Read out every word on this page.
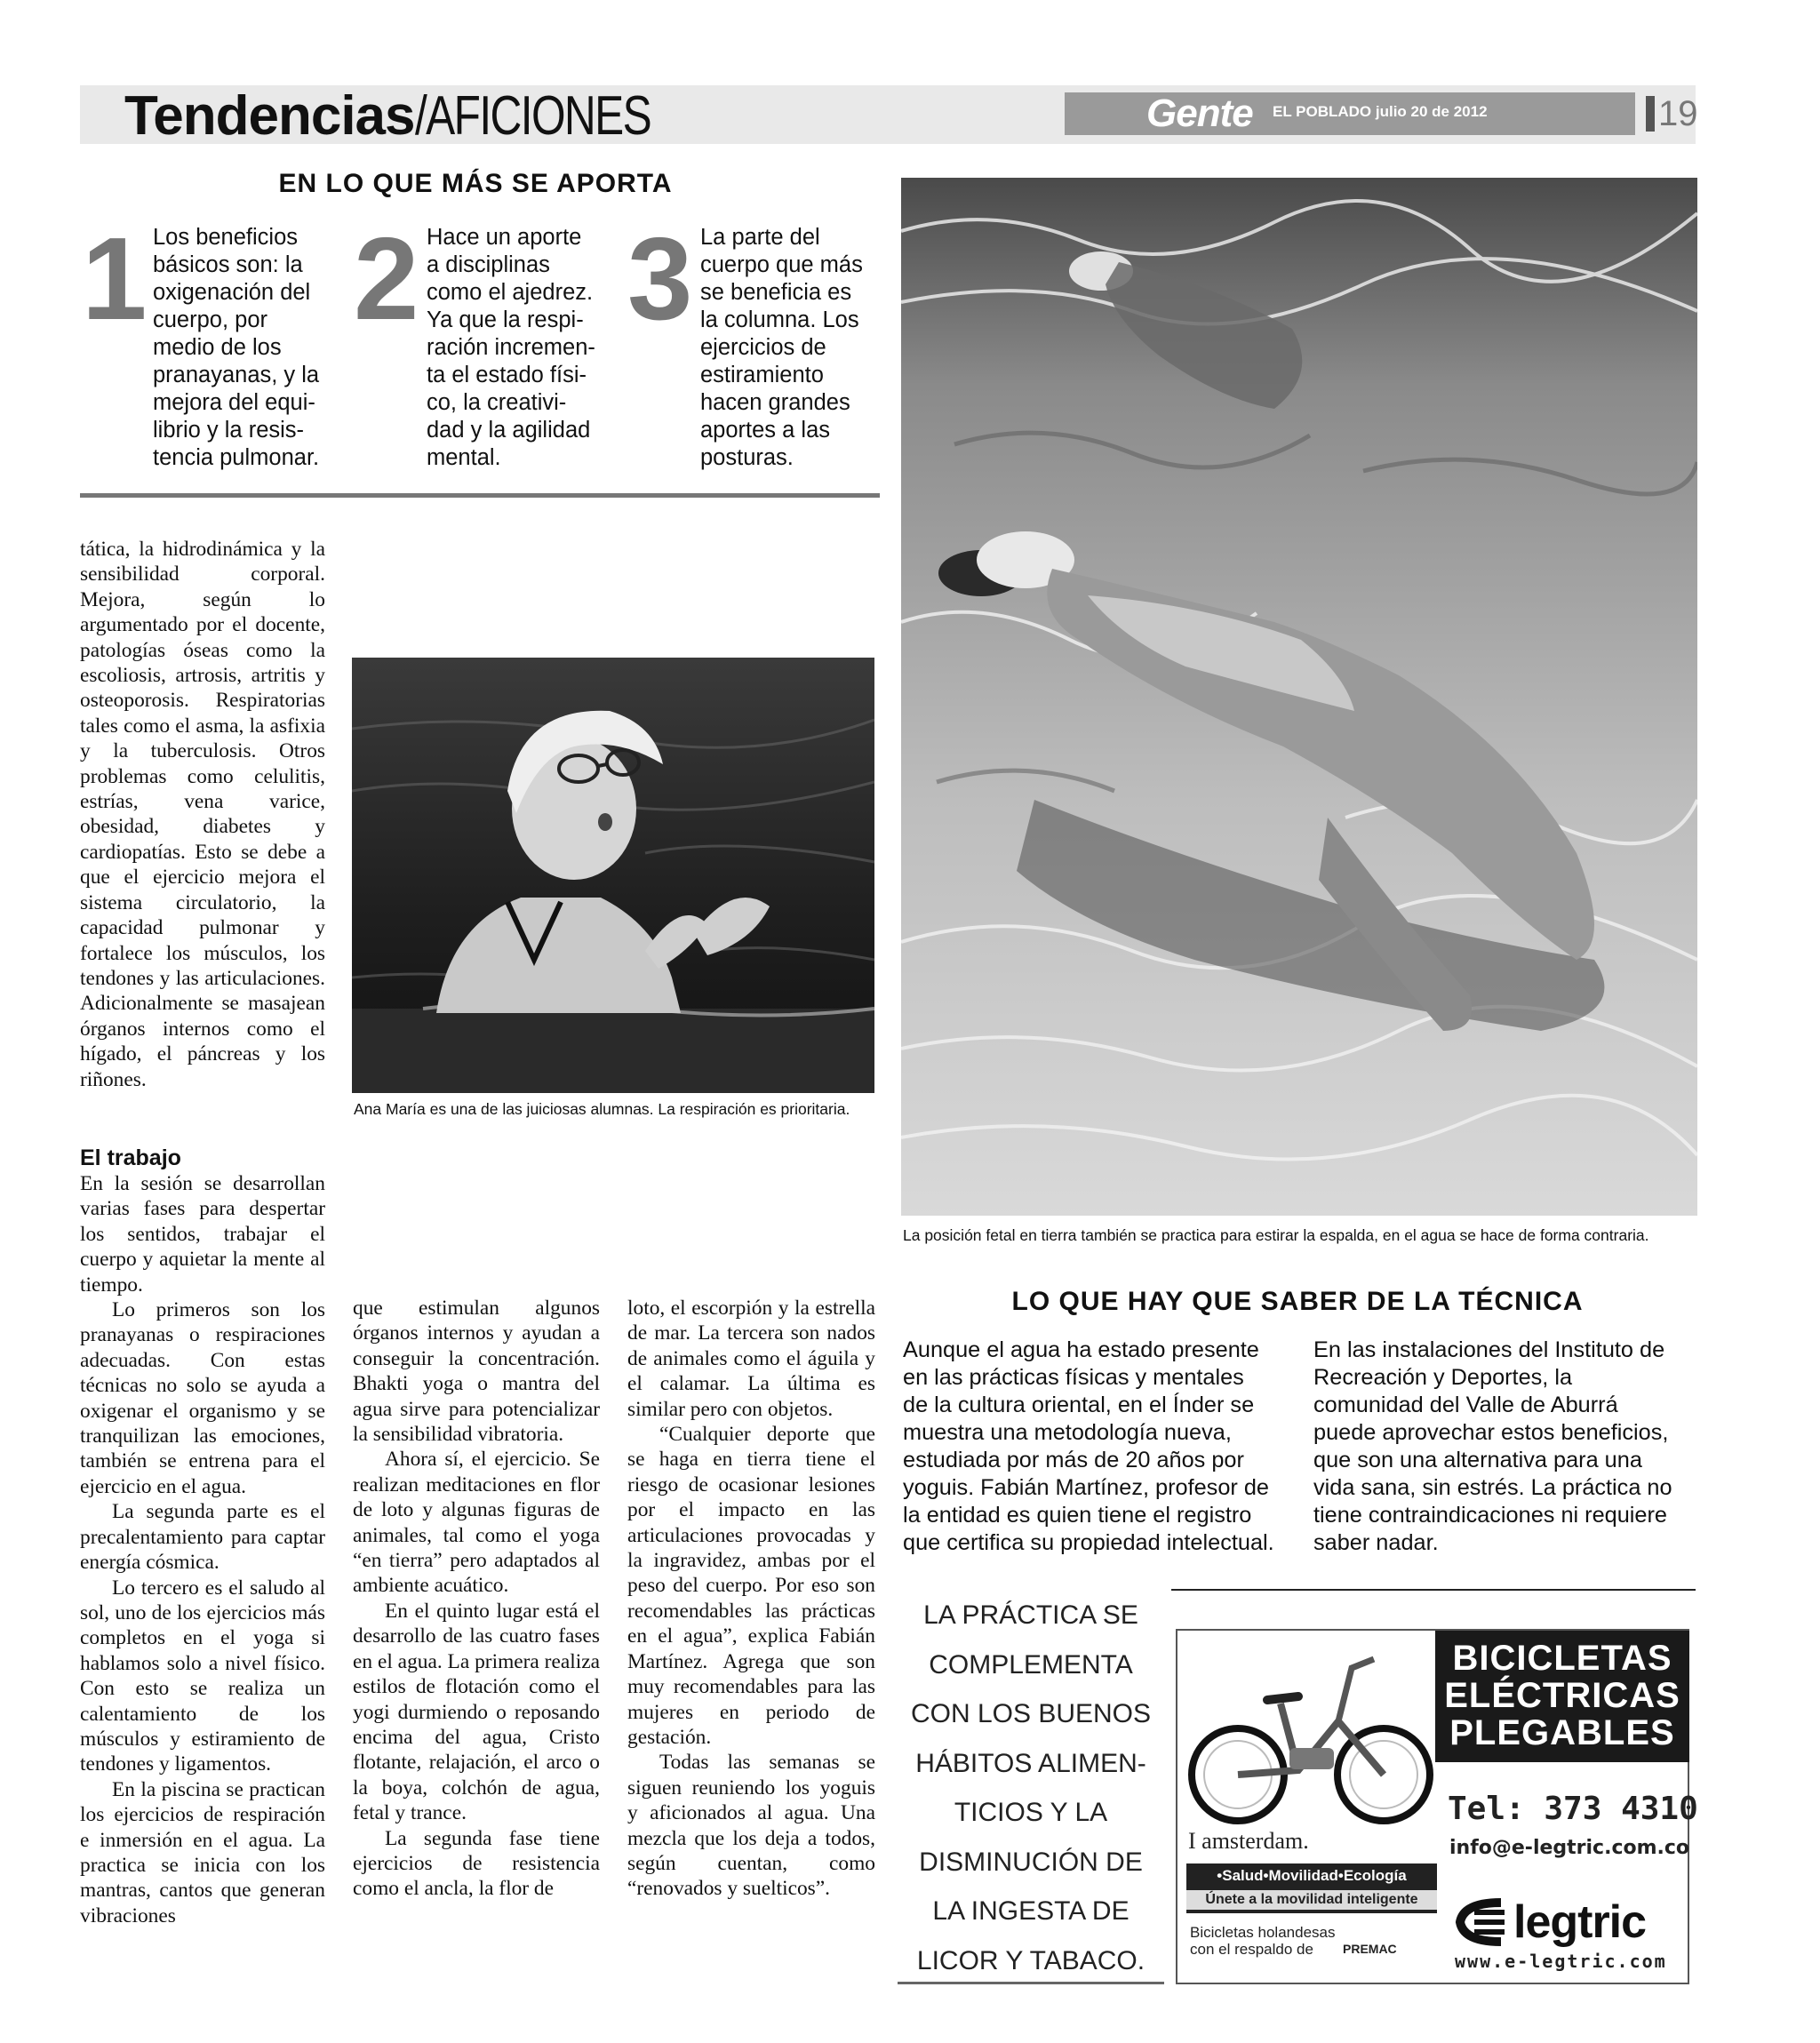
Tendencias/AFICIONES	Gente EL POBLADO julio 20 de 2012	19
EN LO QUE MÁS SE APORTA
1 Los beneficios
básicos son: la
oxigenación del
cuerpo, por
medio de los
pranayanas, y la
mejora del equi-
librio y la resis-
tencia pulmonar.
2 Hace un aporte
a disciplinas
como el ajedrez.
Ya que la respi-
ración incremen-
ta el estado físi-
co, la creativi-
dad y la agilidad
mental.
3 La parte del
cuerpo que más
se beneficia es
la columna. Los
ejercicios de
estiramiento
hacen grandes
aportes a las
posturas.

tática, la hidrodinámica y la sensibilidad corporal. Mejora, según lo argumentado por el docente, patologías óseas como la escoliosis, artrosis, artritis y osteoporosis. Respiratorias tales como el asma, la asfixia y la tuberculosis. Otros problemas como celulitis, estrías, vena varice, obesidad, diabetes y cardiopatías. Esto se debe a que el ejercicio mejora el sistema circulatorio, la capacidad pulmonar y fortalece los músculos, los tendones y las articulaciones. Adicionalmente se masajean órganos internos como el hígado, el páncreas y los riñones.

El trabajo

En la sesión se desarrollan varias fases para despertar los sentidos, trabajar el cuerpo y aquietar la mente al tiempo.

Lo primeros son los pranayanas o respiraciones adecuadas. Con estas técnicas no solo se ayuda a oxigenar el organismo y se tranquilizan las emociones, también se entrena para el ejercicio en el agua.

La segunda parte es el precalentamiento para captar energía cósmica.

Lo tercero es el saludo al sol, uno de los ejercicios más completos en el yoga si hablamos solo a nivel físico. Con esto se realiza un calentamiento de los músculos y estiramiento de tendones y ligamentos.

En la piscina se practican los ejercicios de respiración e inmersión en el agua. La practica se inicia con los mantras, cantos que generan vibraciones

que estimulan algunos órganos internos y ayudan a conseguir la concentración. Bhakti yoga o mantra del agua sirve para potencializar la sensibilidad vibratoria.

Ahora sí, el ejercicio. Se realizan meditaciones en flor de loto y algunas figuras de animales, tal como el yoga “en tierra” pero adaptados al ambiente acuático.

En el quinto lugar está el desarrollo de las cuatro fases en el agua. La primera realiza estilos de flotación como el yogi durmiendo o reposando encima del agua, Cristo flotante, relajación, el arco o la boya, colchón de agua, fetal y trance.

La segunda fase tiene ejercicios de resistencia como el ancla, la flor de

loto, el escorpión y la estrella de mar. La tercera son nados de animales como el águila y el calamar. La última es similar pero con objetos.

“Cualquier deporte que se haga en tierra tiene el riesgo de ocasionar lesiones por el impacto en las articulaciones provocadas y la ingravidez, ambas por el peso del cuerpo. Por eso son recomendables las prácticas en el agua”, explica Fabián Martínez. Agrega que son muy recomendables para las mujeres en periodo de gestación.

Todas las semanas se siguen reuniendo los yoguis y aficionados al agua. Una mezcla que los deja a todos, según cuentan, como “renovados y suelticos”.

Ana María es una de las juiciosas alumnas. La respiración es prioritaria.
La posición fetal en tierra también se practica para estirar la espalda, en el agua se hace de forma contraria.
LO QUE HAY QUE SABER DE LA TÉCNICA
Aunque el agua ha estado presente
en las prácticas físicas y mentales
de la cultura oriental, en el Índer se
muestra una metodología nueva,
estudiada por más de 20 años por
yoguis. Fabián Martínez, profesor de
la entidad es quien tiene el registro
que certifica su propiedad intelectual.
En las instalaciones del Instituto de
Recreación y Deportes, la
comunidad del Valle de Aburrá
puede aprovechar estos beneficios,
que son una alternativa para una
vida sana, sin estrés. La práctica no
tiene contraindicaciones ni requiere
saber nadar.

LA PRÁCTICA SE

COMPLEMENTA

CON LOS BUENOS

HÁBITOS ALIMEN-

TICIOS Y LA

DISMINUCIÓN DE

LA INGESTA DE

LICOR Y TABACO.

BICICLETAS ELÉCTRICAS PLEGABLES
Tel: 373 4310
info@e-legtric.com.co
I amsterdam.
•Salud•Movilidad•Ecología
Únete a la movilidad inteligente
Bicicletas holandesas
con el respaldo de	PREMAC
legtric
www.e-legtric.com
